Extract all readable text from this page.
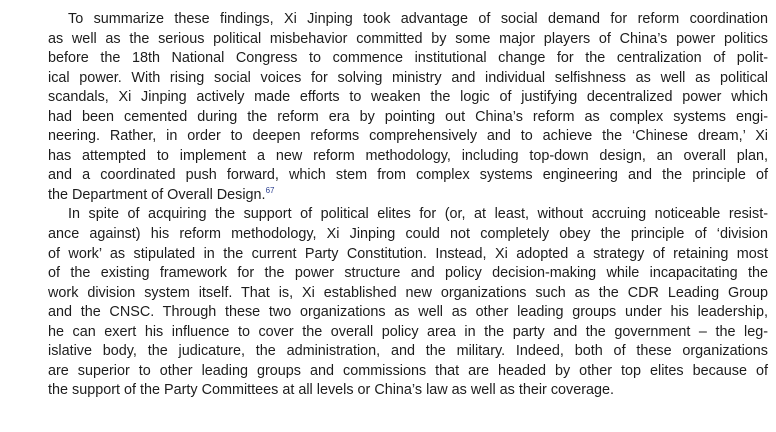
To summarize these findings, Xi Jinping took advantage of social demand for reform coordination
as well as the serious political misbehavior committed by some major players of China’s power politics
before the 18th National Congress to commence institutional change for the centralization of polit-
ical power. With rising social voices for solving ministry and individual selfishness as well as political
scandals, Xi Jinping actively made efforts to weaken the logic of justifying decentralized power which
had been cemented during the reform era by pointing out China’s reform as complex systems engi-
neering. Rather, in order to deepen reforms comprehensively and to achieve the ‘Chinese dream,’ Xi
has attempted to implement a new reform methodology, including top-down design, an overall plan,
and a coordinated push forward, which stem from complex systems engineering and the principle of
the Department of Overall Design.$^{67}$
In spite of acquiring the support of political elites for (or, at least, without accruing noticeable resist-
ance against) his reform methodology, Xi Jinping could not completely obey the principle of ‘division
of work’ as stipulated in the current Party Constitution. Instead, Xi adopted a strategy of retaining most
of the existing framework for the power structure and policy decision-making while incapacitating the
work division system itself. That is, Xi established new organizations such as the CDR Leading Group
and the CNSC. Through these two organizations as well as other leading groups under his leadership,
he can exert his influence to cover the overall policy area in the party and the government – the leg-
islative body, the judicature, the administration, and the military. Indeed, both of these organizations
are superior to other leading groups and commissions that are headed by other top elites because of
the support of the Party Committees at all levels or China’s law as well as their coverage.
